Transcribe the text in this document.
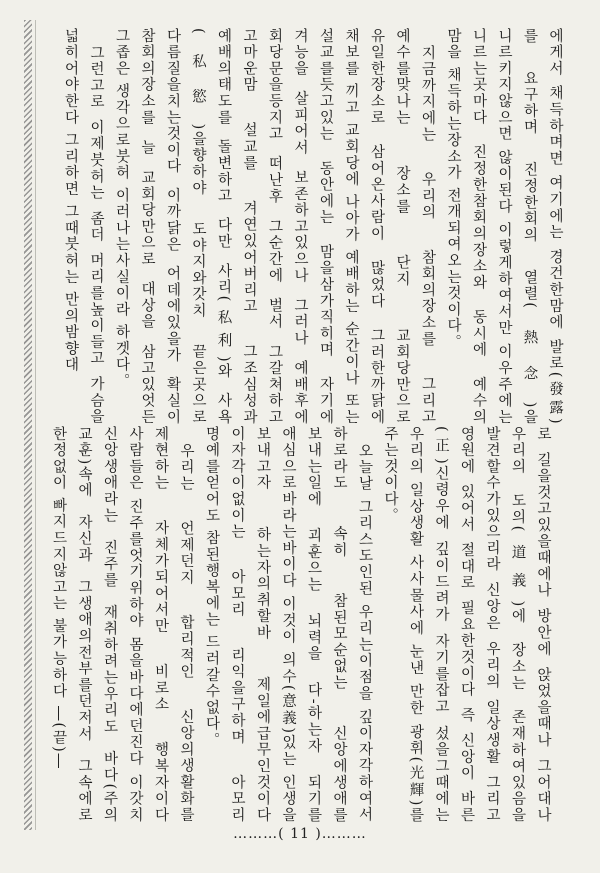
에게서 채득하며면 여기에는 경건한맘에 발로(發露)를 요구하며 진정한회의 열렬(熱念)을 니르키지않으면 않이된다 이렇게하여서만 이우주에는 니르는곳마다 진정한참회의장소와 동시에 예수의 맘을 채득하는장소가 전개되여오는것이다。

지금까지에는 우리의 참회의장소를 그리고 예수를맞나는 장소를 단지 교회당만으로 유일한장소로 삼어온사람이 많었다 그러한까닭에 채보를 끼고 교회당에 나아가 예배하는 순간이나 또는 설교를듯고있는 동안에는 맘을삼가직히며 자기에 겨능을 살피어서 보존하고있으나 그러나 예배후에 회당문을등지고 떠난후 그순간에 벌서 그갈쳐하고 고마운맘 설교를 겨연있어버리고 그조심성과 예배의태도를 돌변하고 다만 사리(私利)와 사욕(私慾)을향하야 도야지와갓치 끝은곳으로 다름질을치는것이다 이까닭은 어데에있을가 확실이 참회의장소를 늘 교회당만으로 대상을 삼고있엇든 그좁은 생각으로붓허 이러나는사실이라 하겟다。

그런고로 이제붓허는 좀더 머리를높이들고 가슴을 넓히어야한다 그리하면 그때붓허는 만의밤향대

로 길을것고있을때에나 방안에 앉었을때나 그어대나 우리의 도의(道義)에 장소는 존재하여있음을 발견할수가있으리라 신앙은 우리의 일상생활 그리고 영원에 있어서 절대로 필요한것이다 즉 신앙이 바른(正)신령우에 깊이드려가 자기를잡고 섰을그때에는 우리의 일상생활 사사물사에 눈낸 만한 광휘(光輝)를 주는것이다。

오늘날 그리스도인된 우리는이점을 깊이자각하여서 하로라도 속히 참된모순없는 신앙에생애를 보내는일에 괴훈으는 뇌력을 다-하는자 되기를 애심으로바라는바이다 이것이 의수(意義)있는 인생을 보내고자 하는자의취할바 제일에급무인것이다 이자각이없이는 아모리 리익을구하며 아모리 명예를얻어도 참된행복에는 드러갈수없다。

우리는 언제던지 합리적인 신앙의생활화를 제현하는 자체가되어서만 비로소 행복자이다 사람들은 진주를엇기위하야 몸을바다에던진다 이갓치 신앙생애라는 진주를 재취하려는우리도 바다(주의 교훈)속에 자신과 그생애의전부를던저서 그속에로 한정없이 빠지드지않고는 불가능하다 ―(끝)―

………( 11 )………
